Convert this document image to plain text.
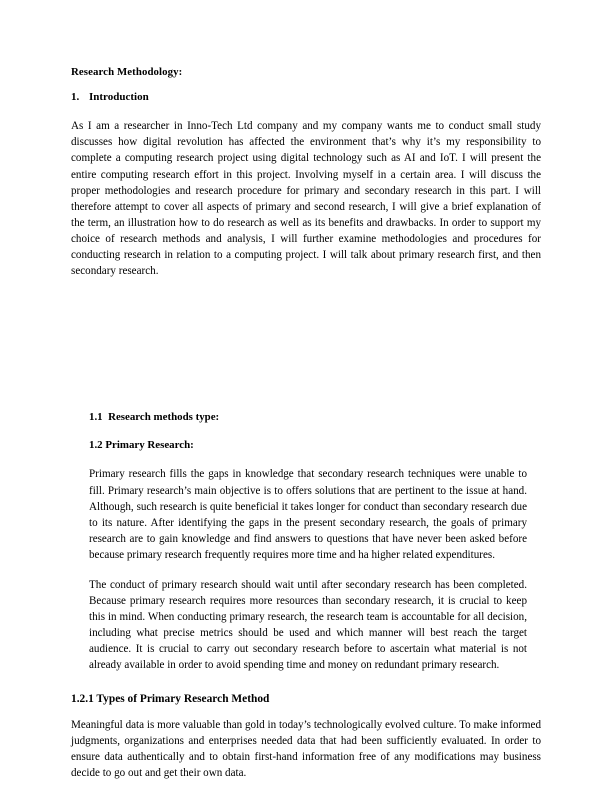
Research Methodology:
1. Introduction

As I am a researcher in Inno-Tech Ltd company and my company wants me to conduct small study discusses how digital revolution has affected the environment that’s why it’s my responsibility to complete a computing research project using digital technology such as AI and IoT. I will present the entire computing research effort in this project. Involving myself in a certain area. I will discuss the proper methodologies and research procedure for primary and secondary research in this part. I will therefore attempt to cover all aspects of primary and second research, I will give a brief explanation of the term, an illustration how to do research as well as its benefits and drawbacks. In order to support my choice of research methods and analysis, I will further examine methodologies and procedures for conducting research in relation to a computing project. I will talk about primary research first, and then secondary research.

1.1 Research methods type:
1.2 Primary Research:

Primary research fills the gaps in knowledge that secondary research techniques were unable to fill. Primary research’s main objective is to offers solutions that are pertinent to the issue at hand. Although, such research is quite beneficial it takes longer for conduct than secondary research due to its nature. After identifying the gaps in the present secondary research, the goals of primary research are to gain knowledge and find answers to questions that have never been asked before because primary research frequently requires more time and ha higher related expenditures.

The conduct of primary research should wait until after secondary research has been completed. Because primary research requires more resources than secondary research, it is crucial to keep this in mind. When conducting primary research, the research team is accountable for all decision, including what precise metrics should be used and which manner will best reach the target audience. It is crucial to carry out secondary research before to ascertain what material is not already available in order to avoid spending time and money on redundant primary research.

1.2.1 Types of Primary Research Method

Meaningful data is more valuable than gold in today’s technologically evolved culture. To make informed judgments, organizations and enterprises needed data that had been sufficiently evaluated. In order to ensure data authentically and to obtain first-hand information free of any modifications may business decide to go out and get their own data.
